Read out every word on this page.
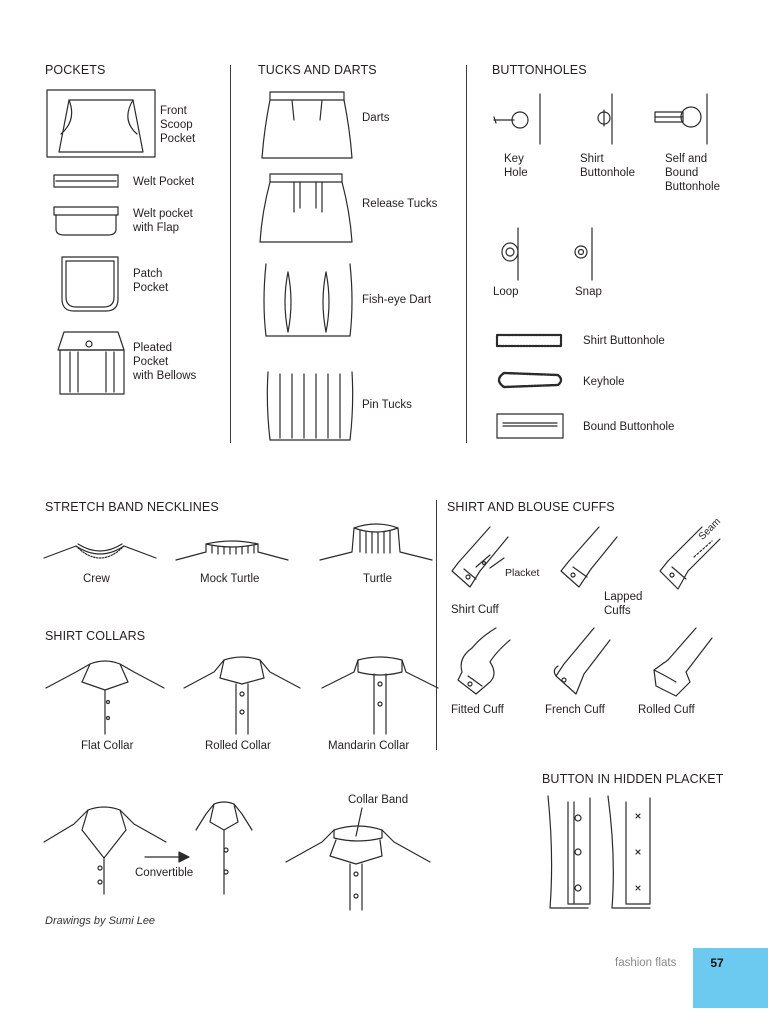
POCKETS
Front
Scoop
Pocket
Welt Pocket
Welt pocket
with Flap
Patch
Pocket
Pleated
Pocket
with Bellows
TUCKS AND DARTS
Darts
Release Tucks
Fish-eye Dart
Pin Tucks
BUTTONHOLES
Key
Hole
Shirt
Buttonhole
Self and
Bound
Buttonhole
Loop	Snap
Shirt Buttonhole
Keyhole
Bound Buttonhole
STRETCH BAND NECKLINES
Crew	Mock Turtle	Turtle
SHIRT COLLARS
Flat Collar	Rolled Collar	Mandarin Collar
Convertible
Collar Band
Drawings by Sumi Lee
SHIRT AND BLOUSE CUFFS
Placket
Shirt Cuff
Lapped
Cuffs
Seam
Fitted Cuff	French Cuff	Rolled Cuff
BUTTON IN HIDDEN PLACKET
fashion flats	57
